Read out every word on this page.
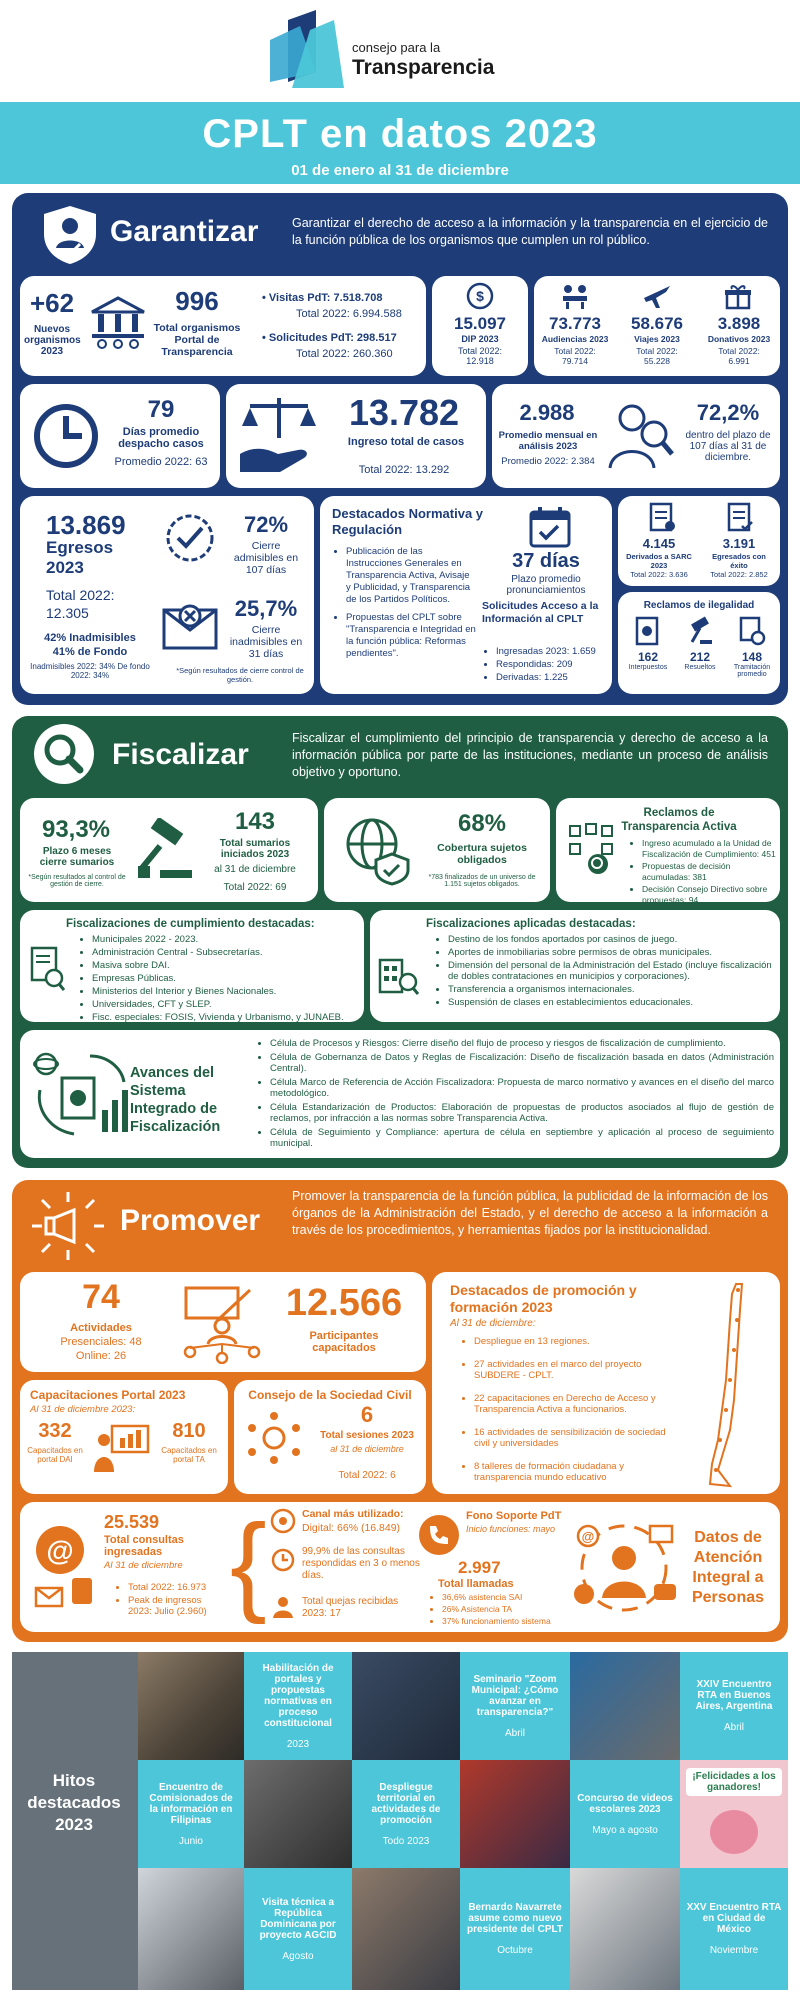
consejo para la
Transparencia
CPLT en datos 2023
01 de enero al 31 de diciembre
Garantizar	Garantizar el derecho de acceso a la información y la transparencia en el ejercicio de la función pública de los organismos que cumplen un rol público.
+62
Nuevos organismos 2023
996
Total organismos Portal de Transparencia
• Visitas PdT: 7.518.708
Total 2022: 6.994.588
• Solicitudes PdT: 298.517
Total 2022: 260.360
$
15.097
DIP 2023
Total 2022: 12.918
73.773
Audiencias 2023
Total 2022: 79.714
58.676
Viajes 2023
Total 2022: 55.228
3.898
Donativos 2023
Total 2022: 6.991
79
Días promedio despacho casos
Promedio 2022: 63
13.782
Ingreso total de casos
Total 2022: 13.292
2.988
Promedio mensual en análisis 2023
Promedio 2022: 2.384
72,2%
dentro del plazo de 107 días al 31 de diciembre.
13.869
Egresos 2023
Total 2022: 12.305
42% Inadmisibles
41% de Fondo
Inadmisibles 2022: 34% De fondo 2022: 34%
72%
Cierre admisibles en 107 días
25,7%
Cierre inadmisibles en 31 días
*Según resultados de cierre control de gestión.
Destacados Normativa y Regulación
• Publicación de las Instrucciones Generales en Transparencia Activa, Avisaje y Publicidad, y Transparencia de los Partidos Políticos.
• Propuestas del CPLT sobre "Transparencia e Integridad en la función pública: Reformas pendientes".
37 días
Plazo promedio pronunciamientos
Solicitudes Acceso a la Información al CPLT
• Ingresadas 2023: 1.659
• Respondidas: 209
• Derivadas: 1.225
4.145
Derivados a SARC 2023
Total 2022: 3.636
3.191
Egresados con éxito
Total 2022: 2.852
Reclamos de ilegalidad
162
Interpuestos
212
Resueltos
148
Tramitación promedio
Fiscalizar	Fiscalizar el cumplimiento del principio de transparencia y derecho de acceso a la información pública por parte de las instituciones, mediante un proceso de análisis objetivo y oportuno.
93,3%
Plazo 6 meses cierre sumarios
*Según resultados al control de gestión de cierre.
143
Total sumarios iniciados 2023
al 31 de diciembre
Total 2022: 69
68%
Cobertura sujetos obligados
*783 finalizados de un universo de 1.151 sujetos obligados.
Reclamos de Transparencia Activa
• Ingreso acumulado a la Unidad de Fiscalización de Cumplimiento: 451
• Propuestas de decisión acumuladas: 381
• Decisión Consejo Directivo sobre propuestas: 94
Fiscalizaciones de cumplimiento destacadas:
• Municipales 2022 - 2023.
• Administración Central - Subsecretarías.
• Masiva sobre DAI.
• Empresas Públicas.
• Ministerios del Interior y Bienes Nacionales.
• Universidades, CFT y SLEP.
• Fisc. especiales: FOSIS, Vivienda y Urbanismo, y JUNAEB.
Fiscalizaciones aplicadas destacadas:
• Destino de los fondos aportados por casinos de juego.
• Aportes de inmobiliarias sobre permisos de obras municipales.
• Dimensión del personal de la Administración del Estado (incluye fiscalización de dobles contrataciones en municipios y corporaciones).
• Transferencia a organismos internacionales.
• Suspensión de clases en establecimientos educacionales.
Avances del Sistema Integrado de Fiscalización
• Célula de Procesos y Riesgos: Cierre diseño del flujo de proceso y riesgos de fiscalización de cumplimiento.
• Célula de Gobernanza de Datos y Reglas de Fiscalización: Diseño de fiscalización basada en datos (Administración Central).
• Célula Marco de Referencia de Acción Fiscalizadora: Propuesta de marco normativo y avances en el diseño del marco metodológico.
• Célula Estandarización de Productos: Elaboración de propuestas de productos asociados al flujo de gestión de reclamos, por infracción a las normas sobre Transparencia Activa.
• Célula de Seguimiento y Compliance: apertura de célula en septiembre y aplicación al proceso de seguimiento municipal.
Promover
Promover la transparencia de la función pública, la publicidad de la información de los órganos de la Administración del Estado, y el derecho de acceso a la información a través de los procedimientos, y herramientas fijados por la institucionalidad.
74
Actividades
Presenciales: 48
Online: 26
12.566
Participantes capacitados
Destacados de promoción y formación 2023
Al 31 de diciembre:
• Despliegue en 13 regiones.
• 27 actividades en el marco del proyecto SUBDERE - CPLT.
• 22 capacitaciones en Derecho de Acceso y Transparencia Activa a funcionarios.
• 16 actividades de sensibilización de sociedad civil y universidades
• 8 talleres de formación ciudadana y transparencia mundo educativo
Capacitaciones Portal 2023
Al 31 de diciembre 2023:
332
Capacitados en portal DAI
810
Capacitados en portal TA
Consejo de la Sociedad Civil
6
Total sesiones 2023
al 31 de diciembre
Total 2022: 6
@
25.539
Total consultas ingresadas
Al 31 de diciembre
• Total 2022: 16.973
• Peak de ingresos 2023: Julio (2.960) {	Canal más utilizado:
Digital: 66% (16.849)
99,9% de las consultas respondidas en 3 o menos días.
Total quejas recibidas 2023: 17
Fono Soporte PdT
Inicio funciones: mayo
2.997
Total llamadas
• 36,6% asistencia SAI
• 26% Asistencia TA
• 37% funcionamiento sistema
@	Datos de Atención Integral a Personas
Hitos destacados 2023
Habilitación de portales y propuestas normativas en proceso constitucional
2023
Seminario "Zoom Municipal: ¿Cómo avanzar en transparencia?"
Abril
XXIV Encuentro RTA en Buenos Aires, Argentina
Abril
Encuentro de Comisionados de la información en Filipinas
Junio
Despliegue territorial en actividades de promoción
Todo 2023
Concurso de videos escolares 2023
Mayo a agosto
¡Felicidades a los ganadores!
Visita técnica a República Dominicana por proyecto AGCID
Agosto
Bernardo Navarrete asume como nuevo presidente del CPLT
Octubre
XXV Encuentro RTA en Ciudad de México
Noviembre
